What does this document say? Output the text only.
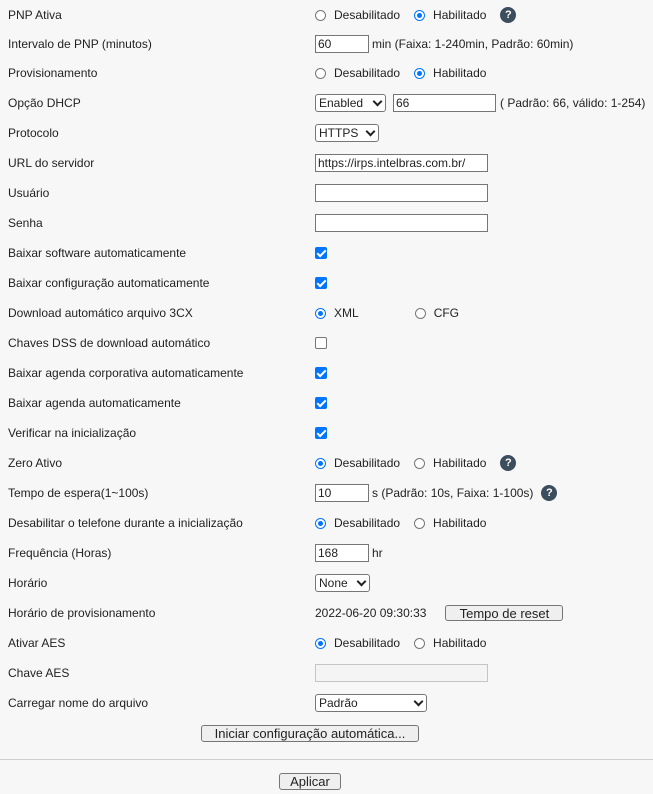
PNP Ativa	Desabilitado	Habilitado	?
Intervalo de PNP (minutos)	60	min (Faixa: 1-240min, Padrão: 60min)
Provisionamento	Desabilitado	Habilitado
Opção DHCP	Enabled	66	( Padrão: 66, válido: 1-254)
Protocolo	HTTPS
URL do servidor	https://irps.intelbras.com.br/
Usuário
Senha
Baixar software automaticamente
Baixar configuração automaticamente
Download automático arquivo 3CX	XML	CFG
Chaves DSS de download automático
Baixar agenda corporativa automaticamente
Baixar agenda automaticamente
Verificar na inicialização
Zero Ativo	Desabilitado	Habilitado	?
Tempo de espera(1~100s)	10	s (Padrão: 10s, Faixa: 1-100s)	?
Desabilitar o telefone durante a inicialização	Desabilitado	Habilitado
Frequência (Horas)	168	hr
Horário	None
Horário de provisionamento	2022-06-20 09:30:33	Tempo de reset
Ativar AES	Desabilitado	Habilitado
Chave AES
Carregar nome do arquivo	Padrão
Iniciar configuração automática...
Aplicar
